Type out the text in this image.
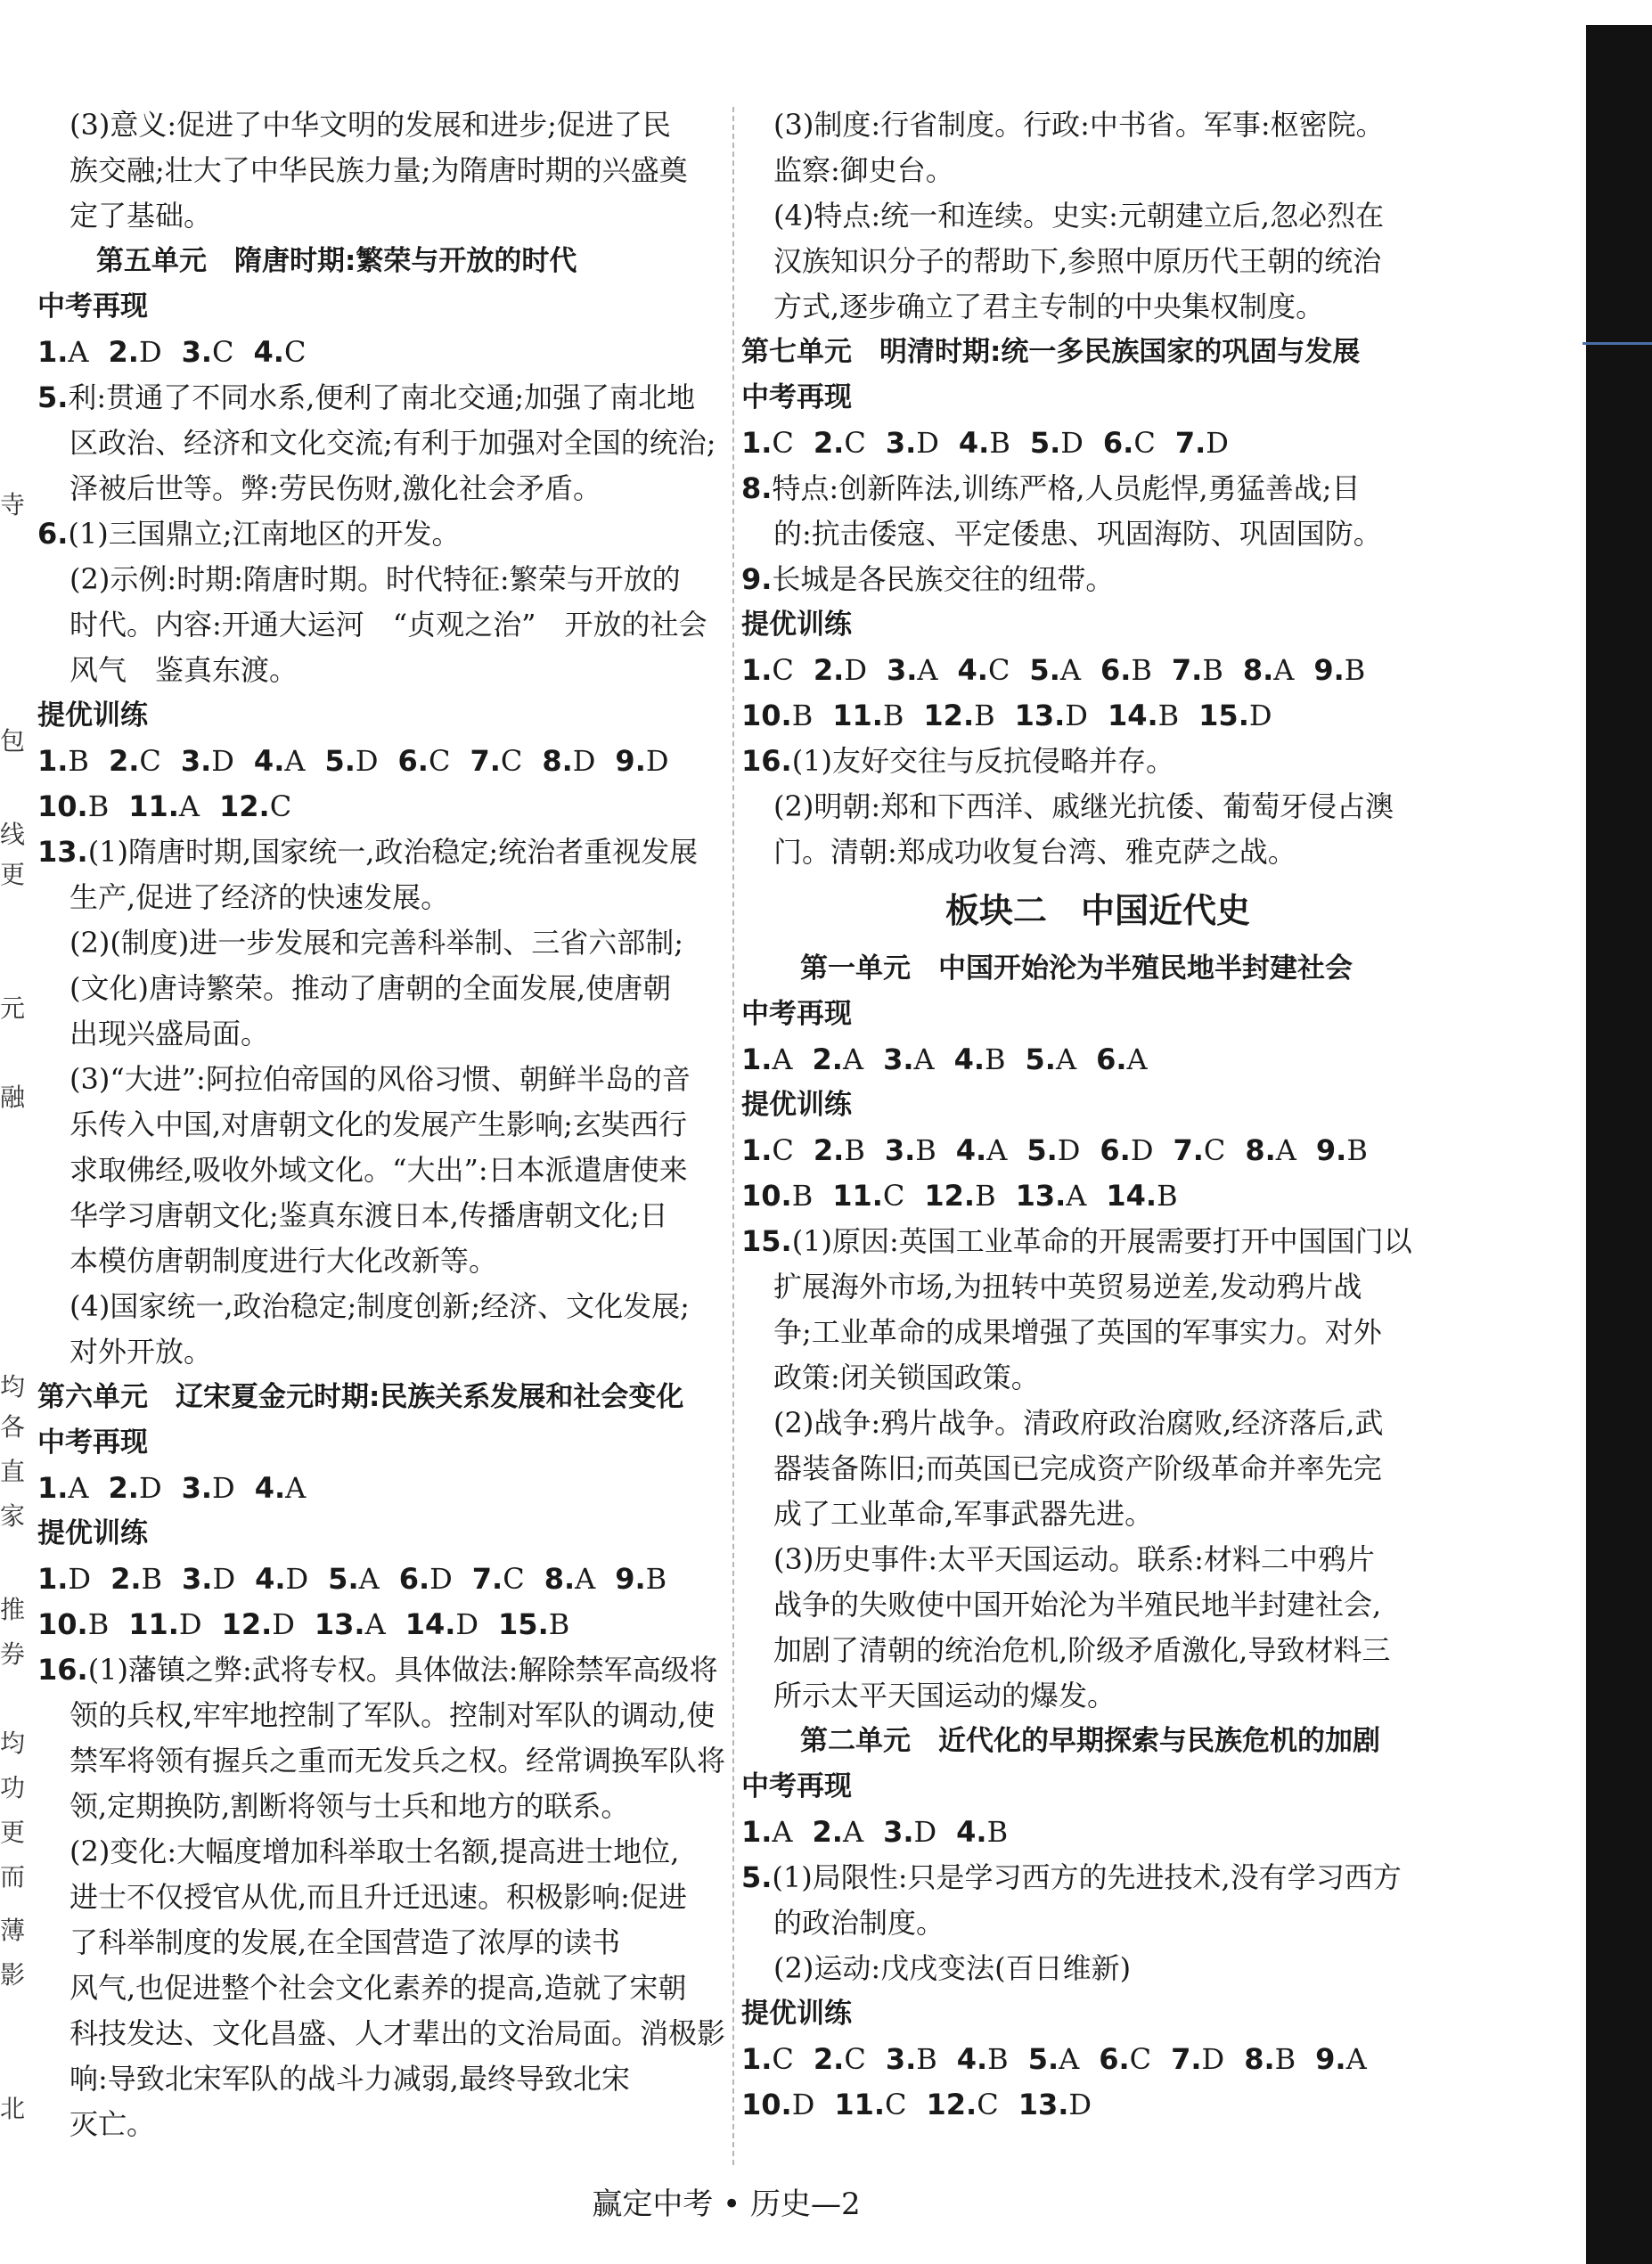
寺
包
线
更
元
融
均
各
直
家
推
券
均
功
更
而
薄
影
北
(3)意义:促进了中华文明的发展和进步;促进了民
族交融;壮大了中华民族力量;为隋唐时期的兴盛奠
定了基础。
第五单元　隋唐时期:繁荣与开放的时代
中考再现
1.A 2.D 3.C 4.C
5.利:贯通了不同水系,便利了南北交通;加强了南北地
区政治、经济和文化交流;有利于加强对全国的统治;
泽被后世等。弊:劳民伤财,激化社会矛盾。
6.(1)三国鼎立;江南地区的开发。
(2)示例:时期:隋唐时期。时代特征:繁荣与开放的
时代。内容:开通大运河　“贞观之治”　开放的社会
风气　鉴真东渡。
提优训练
1.B 2.C 3.D 4.A 5.D 6.C 7.C 8.D 9.D
10.B 11.A 12.C
13.(1)隋唐时期,国家统一,政治稳定;统治者重视发展
生产,促进了经济的快速发展。
(2)(制度)进一步发展和完善科举制、三省六部制;
(文化)唐诗繁荣。推动了唐朝的全面发展,使唐朝
出现兴盛局面。
(3)“大进”:阿拉伯帝国的风俗习惯、朝鲜半岛的音
乐传入中国,对唐朝文化的发展产生影响;玄奘西行
求取佛经,吸收外域文化。“大出”:日本派遣唐使来
华学习唐朝文化;鉴真东渡日本,传播唐朝文化;日
本模仿唐朝制度进行大化改新等。
(4)国家统一,政治稳定;制度创新;经济、文化发展;
对外开放。
第六单元　辽宋夏金元时期:民族关系发展和社会变化
中考再现
1.A 2.D 3.D 4.A
提优训练
1.D 2.B 3.D 4.D 5.A 6.D 7.C 8.A 9.B
10.B 11.D 12.D 13.A 14.D 15.B
16.(1)藩镇之弊:武将专权。具体做法:解除禁军高级将
领的兵权,牢牢地控制了军队。控制对军队的调动,使
禁军将领有握兵之重而无发兵之权。经常调换军队将
领,定期换防,割断将领与士兵和地方的联系。
(2)变化:大幅度增加科举取士名额,提高进士地位,
进士不仅授官从优,而且升迁迅速。积极影响:促进
了科举制度的发展,在全国营造了浓厚的读书
风气,也促进整个社会文化素养的提高,造就了宋朝
科技发达、文化昌盛、人才辈出的文治局面。消极影
响:导致北宋军队的战斗力减弱,最终导致北宋
灭亡。
(3)制度:行省制度。行政:中书省。军事:枢密院。
监察:御史台。
(4)特点:统一和连续。史实:元朝建立后,忽必烈在
汉族知识分子的帮助下,参照中原历代王朝的统治
方式,逐步确立了君主专制的中央集权制度。
第七单元　明清时期:统一多民族国家的巩固与发展
中考再现
1.C 2.C 3.D 4.B 5.D 6.C 7.D
8.特点:创新阵法,训练严格,人员彪悍,勇猛善战;目
的:抗击倭寇、平定倭患、巩固海防、巩固国防。
9.长城是各民族交往的纽带。
提优训练
1.C 2.D 3.A 4.C 5.A 6.B 7.B 8.A 9.B
10.B 11.B 12.B 13.D 14.B 15.D
16.(1)友好交往与反抗侵略并存。
(2)明朝:郑和下西洋、戚继光抗倭、葡萄牙侵占澳
门。清朝:郑成功收复台湾、雅克萨之战。
板块二　中国近代史
第一单元　中国开始沦为半殖民地半封建社会
中考再现
1.A 2.A 3.A 4.B 5.A 6.A
提优训练
1.C 2.B 3.B 4.A 5.D 6.D 7.C 8.A 9.B
10.B 11.C 12.B 13.A 14.B
15.(1)原因:英国工业革命的开展需要打开中国国门以
扩展海外市场,为扭转中英贸易逆差,发动鸦片战
争;工业革命的成果增强了英国的军事实力。对外
政策:闭关锁国政策。
(2)战争:鸦片战争。清政府政治腐败,经济落后,武
器装备陈旧;而英国已完成资产阶级革命并率先完
成了工业革命,军事武器先进。
(3)历史事件:太平天国运动。联系:材料二中鸦片
战争的失败使中国开始沦为半殖民地半封建社会,
加剧了清朝的统治危机,阶级矛盾激化,导致材料三
所示太平天国运动的爆发。
第二单元　近代化的早期探索与民族危机的加剧
中考再现
1.A 2.A 3.D 4.B
5.(1)局限性:只是学习西方的先进技术,没有学习西方
的政治制度。
(2)运动:戊戌变法(百日维新)
提优训练
1.C 2.C 3.B 4.B 5.A 6.C 7.D 8.B 9.A
10.D 11.C 12.C 13.D
赢定中考 • 历史—2
